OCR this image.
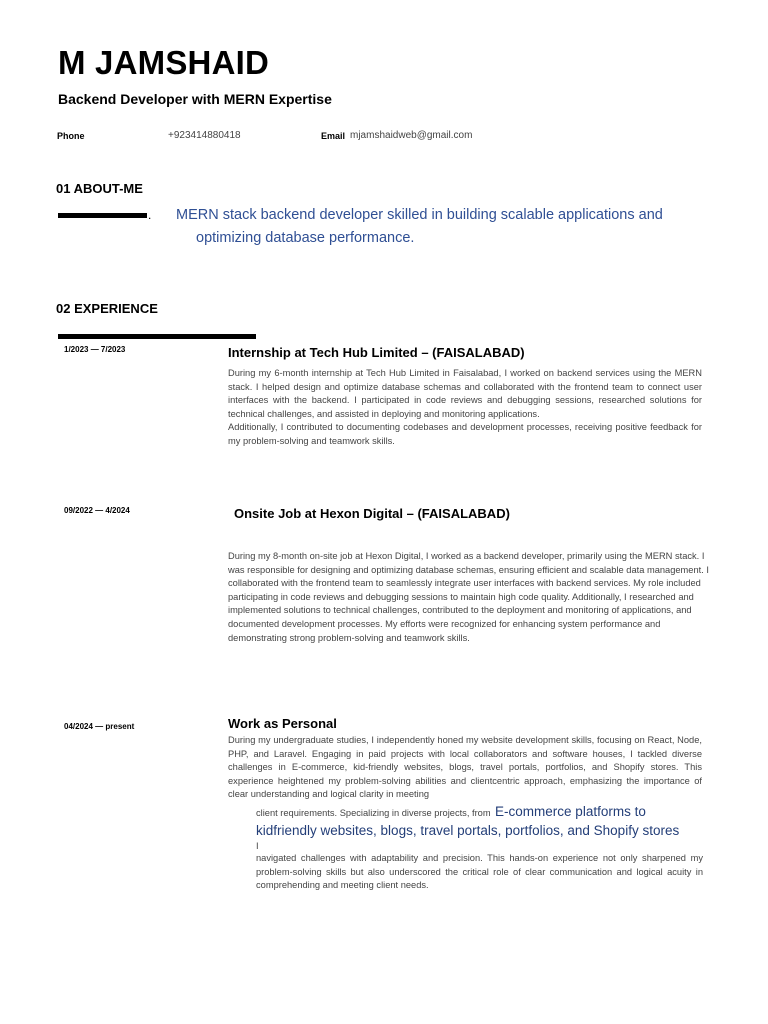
M JAMSHAID
Backend Developer with MERN Expertise
Phone	+923414880418	Email mjamshaidweb@gmail.com
01 ABOUT-ME
. MERN stack backend developer skilled in building scalable applications and
optimizing database performance.
02 EXPERIENCE
1/2023 — 7/2023	Internship at Tech Hub Limited – (FAISALABAD)
During my 6-month internship at Tech Hub Limited in Faisalabad, I worked on backend services using the MERN stack. I helped design and optimize database schemas and collaborated with the frontend team to connect user interfaces with the backend. I participated in code reviews and debugging sessions, researched solutions for technical challenges, and assisted in deploying and monitoring applications.
Additionally, I contributed to documenting codebases and development processes, receiving positive feedback for my problem-solving and teamwork skills.
09/2022 — 4/2024	Onsite Job at Hexon Digital – (FAISALABAD)
During my 8-month on-site job at Hexon Digital, I worked as a backend developer, primarily using the MERN stack. I was responsible for designing and optimizing database schemas, ensuring efficient and scalable data management. I collaborated with the frontend team to seamlessly integrate user interfaces with backend services. My role included participating in code reviews and debugging sessions to maintain high code quality. Additionally, I researched and implemented solutions to technical challenges, contributed to the deployment and monitoring of applications, and documented development processes. My efforts were recognized for enhancing system performance and demonstrating strong problem-solving and teamwork skills.
04/2024 — present	Work as Personal
During my undergraduate studies, I independently honed my website development skills, focusing on React, Node, PHP, and Laravel. Engaging in paid projects with local collaborators and software houses, I tackled diverse challenges in E-commerce, kid-friendly websites, blogs, travel portals, portfolios, and Shopify stores. This experience heightened my problem-solving abilities and clientcentric approach, emphasizing the importance of clear understanding and logical clarity in meeting
client requirements. Specializing in diverse projects, from E-commerce platforms to
kidfriendly websites, blogs, travel portals, portfolios, and Shopify stores
I
navigated challenges with adaptability and precision. This hands-on experience not only sharpened my problem-solving skills but also underscored the critical role of clear communication and logical acuity in comprehending and meeting client needs.
